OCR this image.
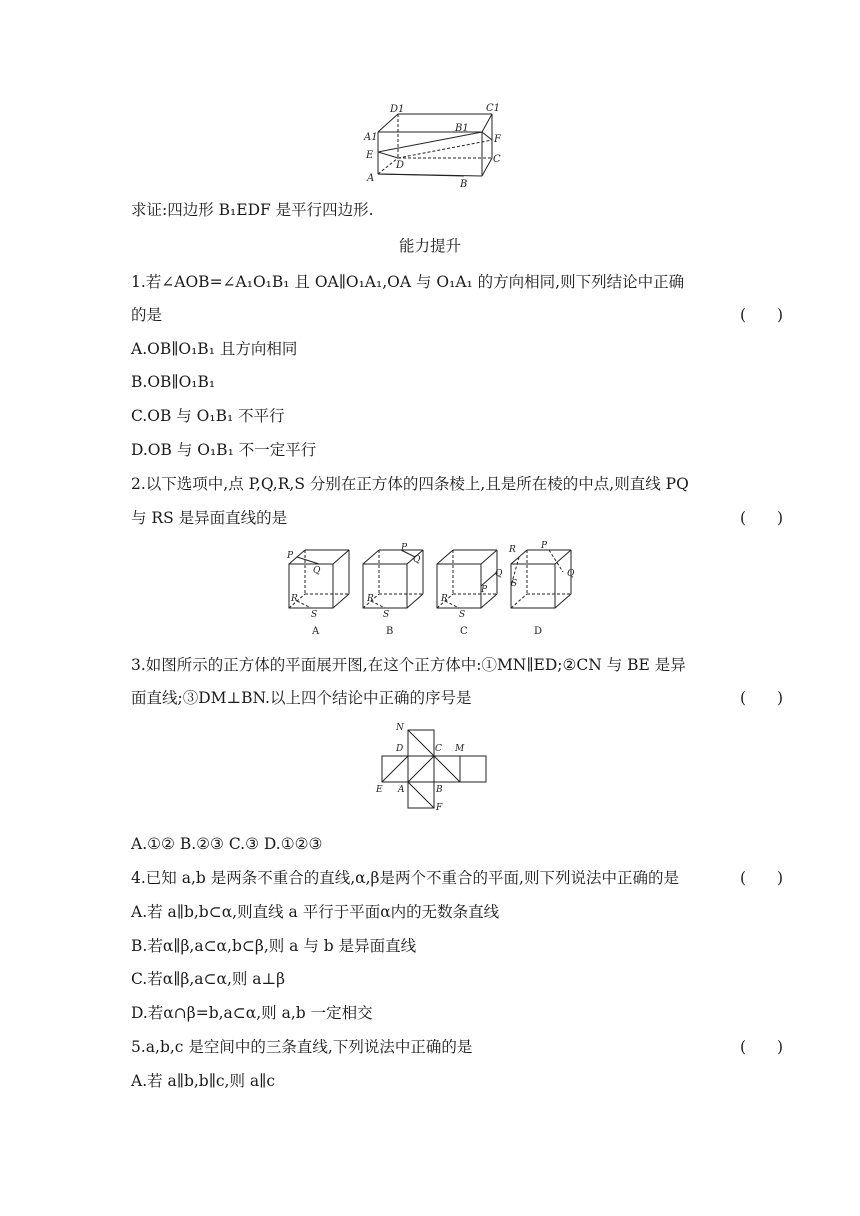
D1	C1
A1
B1
F
E	C
D
A
B
求证:四边形 B₁EDF 是平行四边形.
能力提升
1.若∠AOB=∠A₁O₁B₁ 且 OA∥O₁A₁,OA 与 O₁A₁ 的方向相同,则下列结论中正确
的是	(　　)
A.OB∥O₁B₁ 且方向相同
B.OB∥O₁B₁
C.OB 与 O₁B₁ 不平行
D.OB 与 O₁B₁ 不一定平行
2.以下选项中,点 P,Q,R,S 分别在正方体的四条棱上,且是所在棱的中点,则直线 PQ
与 RS 是异面直线的是	(　　)
P
Q
R
S
P
Q
R
S
Q
P
R
S
R	P
Q
S
A	B	C	D
3.如图所示的正方体的平面展开图,在这个正方体中:①MN∥ED;②CN 与 BE 是异
面直线;③DM⊥BN.以上四个结论中正确的序号是	(　　)
N
D	C M
E A	B
F
A.①② B.②③ C.③ D.①②③
4.已知 a,b 是两条不重合的直线,α,β是两个不重合的平面,则下列说法中正确的是	(　　)
A.若 a∥b,b⊂α,则直线 a 平行于平面α内的无数条直线
B.若α∥β,a⊂α,b⊂β,则 a 与 b 是异面直线
C.若α∥β,a⊂α,则 a⊥β
D.若α∩β=b,a⊂α,则 a,b 一定相交
5.a,b,c 是空间中的三条直线,下列说法中正确的是	(　　)
A.若 a∥b,b∥c,则 a∥c
